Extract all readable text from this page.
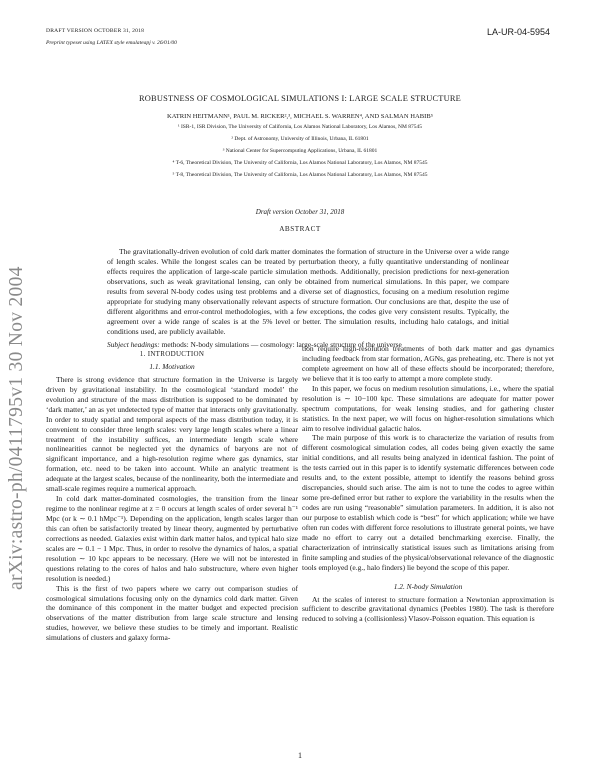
DRAFT VERSION OCTOBER 31, 2018
Preprint typeset using LATEX style emulateapj v. 26/01/00
LA-UR-04-5954
arXiv:astro-ph/0411795v1 30 Nov 2004
ROBUSTNESS OF COSMOLOGICAL SIMULATIONS I: LARGE SCALE STRUCTURE
KATRIN HEITMANN¹, PAUL M. RICKER²,³, MICHAEL S. WARREN⁴, AND SALMAN HABIB⁵
¹ ISR-1, ISR Division, The University of California, Los Alamos National Laboratory, Los Alamos, NM 87545
² Dept. of Astronomy, University of Illinois, Urbana, IL 61801
³ National Center for Supercomputing Applications, Urbana, IL 61801
⁴ T-6, Theoretical Division, The University of California, Los Alamos National Laboratory, Los Alamos, NM 87545
⁵ T-8, Theoretical Division, The University of California, Los Alamos National Laboratory, Los Alamos, NM 87545
Draft version October 31, 2018
ABSTRACT

The gravitationally-driven evolution of cold dark matter dominates the formation of structure in the Universe over a wide range of length scales. While the longest scales can be treated by perturbation theory, a fully quantitative understanding of nonlinear effects requires the application of large-scale particle simulation methods. Additionally, precision predictions for next-generation observations, such as weak gravitational lensing, can only be obtained from numerical simulations. In this paper, we compare results from several N-body codes using test problems and a diverse set of diagnostics, focusing on a medium resolution regime appropriate for studying many observationally relevant aspects of structure formation. Our conclusions are that, despite the use of different algorithms and error-control methodologies, with a few exceptions, the codes give very consistent results. Typically, the agreement over a wide range of scales is at the 5% level or better. The simulation results, including halo catalogs, and initial conditions used, are publicly available.

Subject headings: methods: N-body simulations — cosmology: large-scale structure of the universe
1. INTRODUCTION
1.1. Motivation

There is strong evidence that structure formation in the Universe is largely driven by gravitational instability. In the cosmological ‘standard model’ the evolution and structure of the mass distribution is supposed to be dominated by ‘dark matter,’ an as yet undetected type of matter that interacts only gravitationally. In order to study spatial and temporal aspects of the mass distribution today, it is convenient to consider three length scales: very large length scales where a linear treatment of the instability suffices, an intermediate length scale where nonlinearities cannot be neglected yet the dynamics of baryons are not of significant importance, and a high-resolution regime where gas dynamics, star formation, etc. need to be taken into account. While an analytic treatment is adequate at the largest scales, because of the nonlinearity, both the intermediate and small-scale regimes require a numerical approach.

In cold dark matter-dominated cosmologies, the transition from the linear regime to the nonlinear regime at z = 0 occurs at length scales of order several h⁻¹ Mpc (or k ∼ 0.1 hMpc⁻¹). Depending on the application, length scales larger than this can often be satisfactorily treated by linear theory, augmented by perturbative corrections as needed. Galaxies exist within dark matter halos, and typical halo size scales are ∼ 0.1 − 1 Mpc. Thus, in order to resolve the dynamics of halos, a spatial resolution ∼ 10 kpc appears to be necessary. (Here we will not be interested in questions relating to the cores of halos and halo substructure, where even higher resolution is needed.)

This is the first of two papers where we carry out comparison studies of cosmological simulations focusing only on the dynamics cold dark matter. Given the dominance of this component in the matter budget and expected precision observations of the matter distribution from large scale structure and lensing studies, however, we believe these studies to be timely and important. Realistic simulations of clusters and galaxy forma-

tion require high-resolution treatments of both dark matter and gas dynamics including feedback from star formation, AGNs, gas preheating, etc. There is not yet complete agreement on how all of these effects should be incorporated; therefore, we believe that it is too early to attempt a more complete study.

In this paper, we focus on medium resolution simulations, i.e., where the spatial resolution is ∼ 10−100 kpc. These simulations are adequate for matter power spectrum computations, for weak lensing studies, and for gathering cluster statistics. In the next paper, we will focus on higher-resolution simulations which aim to resolve individual galactic halos.

The main purpose of this work is to characterize the variation of results from different cosmological simulation codes, all codes being given exactly the same initial conditions, and all results being analyzed in identical fashion. The point of the tests carried out in this paper is to identify systematic differences between code results and, to the extent possible, attempt to identify the reasons behind gross discrepancies, should such arise. The aim is not to tune the codes to agree within some pre-defined error but rather to explore the variability in the results when the codes are run using “reasonable” simulation parameters. In addition, it is also not our purpose to establish which code is “best” for which application; while we have often run codes with different force resolutions to illustrate general points, we have made no effort to carry out a detailed benchmarking exercise. Finally, the characterization of intrinsically statistical issues such as limitations arising from finite sampling and studies of the physical/observational relevance of the diagnostic tools employed (e.g., halo finders) lie beyond the scope of this paper.

1.2. N-body Simulation

At the scales of interest to structure formation a Newtonian approximation is sufficient to describe gravitational dynamics (Peebles 1980). The task is therefore reduced to solving a (collisionless) Vlasov-Poisson equation. This equation is

1
